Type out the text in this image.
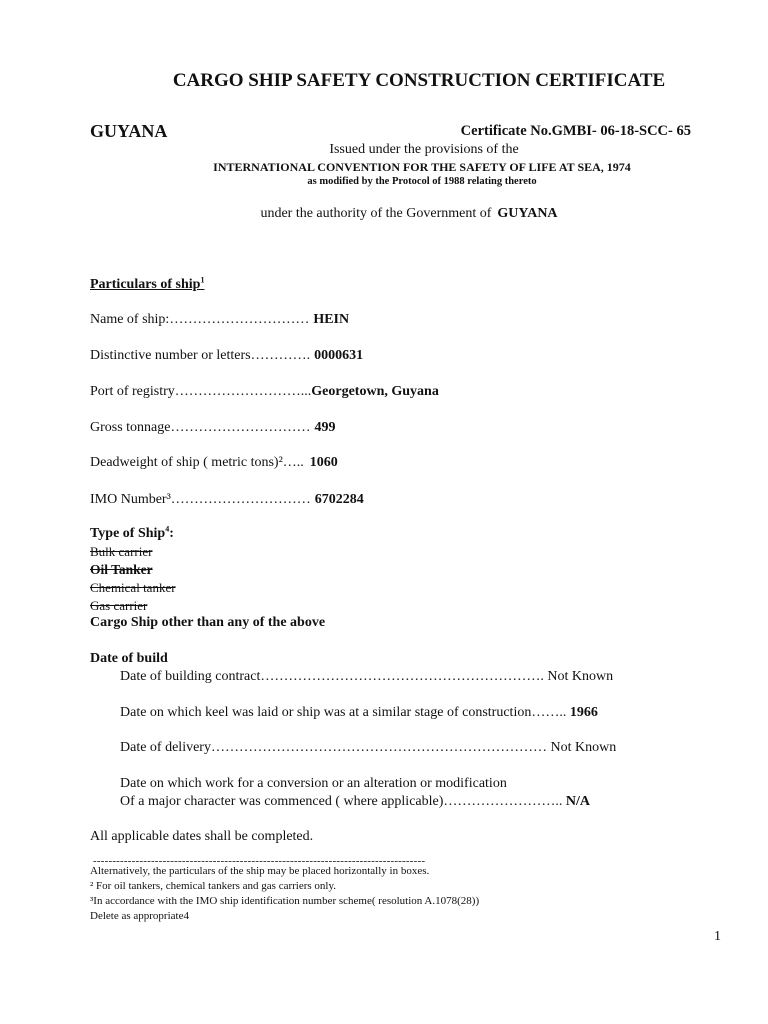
CARGO SHIP SAFETY CONSTRUCTION CERTIFICATE
GUYANA	Certificate No.GMBI- 06-18-SCC- 65
Issued under the provisions of the
INTERNATIONAL CONVENTION FOR THE SAFETY OF LIFE AT SEA, 1974
as modified by the Protocol of 1988 relating thereto
under the authority of the Government of GUYANA
Particulars of ship$^1$
Name of ship:………………………… HEIN
Distinctive number or letters…………. 0000631
Port of registry………………………...Georgetown, Guyana
Gross tonnage………………………… 499
Deadweight of ship ( metric tons)²….. 1060
IMO Number³………………………… 6702284
Type of Ship$^4$:
Bulk carrier
Oil Tanker
Chemical tanker
Gas carrier
Cargo Ship other than any of the above
Date of build
Date of building contract……………………………………………………. Not Known
Date on which keel was laid or ship was at a similar stage of construction…….. 1966
Date of delivery……………………………………………………………… Not Known
Date on which work for a conversion or an alteration or modification
Of a major character was commenced ( where applicable)…………………….. N/A
All applicable dates shall be completed.
--------------------------------------------------------------------------------------
Alternatively, the particulars of the ship may be placed horizontally in boxes.
² For oil tankers, chemical tankers and gas carriers only.
³In accordance with the IMO ship identification number scheme( resolution A.1078(28))
Delete as appropriate4
1
